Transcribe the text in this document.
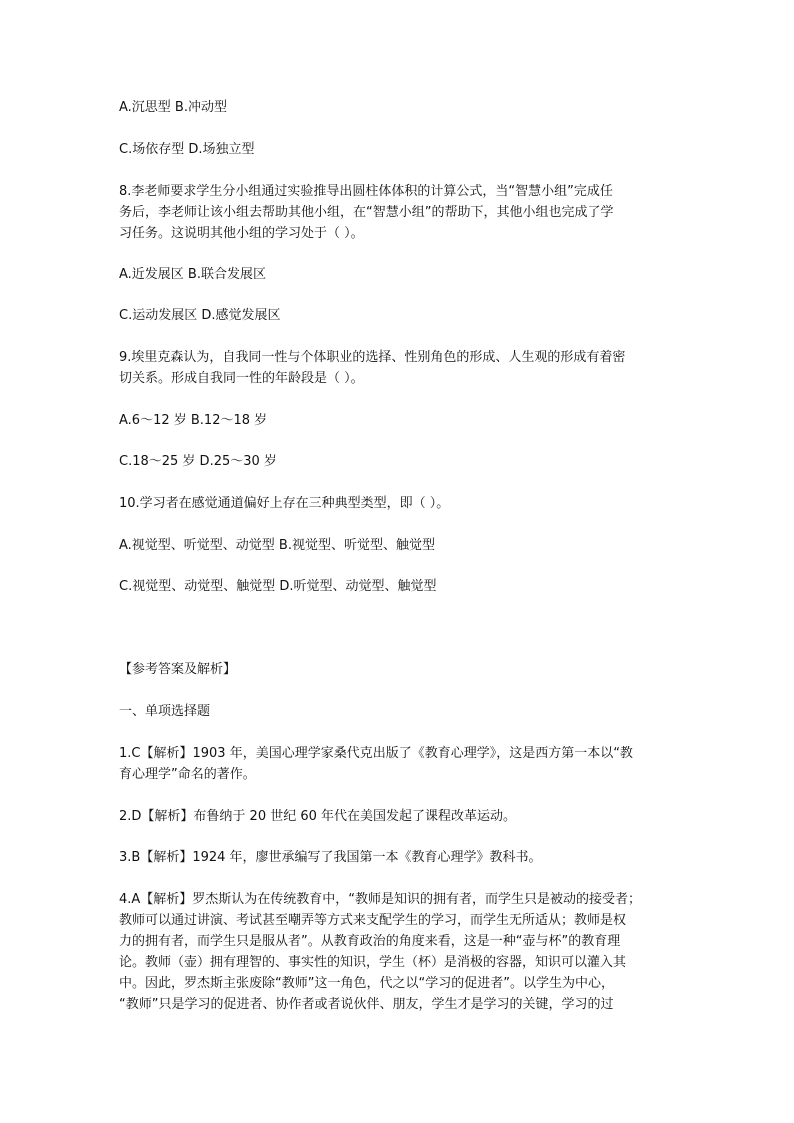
A.沉思型 B.冲动型
C.场依存型 D.场独立型
8.李老师要求学生分小组通过实验推导出圆柱体体积的计算公式，当“智慧小组”完成任
务后，李老师让该小组去帮助其他小组，在“智慧小组”的帮助下，其他小组也完成了学
习任务。这说明其他小组的学习处于（ ）。
A.近发展区 B.联合发展区
C.运动发展区 D.感觉发展区
9.埃里克森认为，自我同一性与个体职业的选择、性别角色的形成、人生观的形成有着密
切关系。形成自我同一性的年龄段是（ ）。
A.6～12 岁 B.12～18 岁
C.18～25 岁 D.25～30 岁
10.学习者在感觉通道偏好上存在三种典型类型，即（ ）。
A.视觉型、听觉型、动觉型 B.视觉型、听觉型、触觉型
C.视觉型、动觉型、触觉型 D.听觉型、动觉型、触觉型
【参考答案及解析】
一、单项选择题
1.C【解析】1903 年，美国心理学家桑代克出版了《教育心理学》，这是西方第一本以“教
育心理学”命名的著作。
2.D【解析】布鲁纳于 20 世纪 60 年代在美国发起了课程改革运动。
3.B【解析】1924 年，廖世承编写了我国第一本《教育心理学》教科书。
4.A【解析】罗杰斯认为在传统教育中，“教师是知识的拥有者，而学生只是被动的接受者；
教师可以通过讲演、考试甚至嘲弄等方式来支配学生的学习，而学生无所适从；教师是权
力的拥有者，而学生只是服从者”。从教育政治的角度来看，这是一种“壶与杯”的教育理
论。教师（壶）拥有理智的、事实性的知识，学生（杯）是消极的容器，知识可以灌入其
中。因此，罗杰斯主张废除“教师”这一角色，代之以“学习的促进者”。以学生为中心，
“教师”只是学习的促进者、协作者或者说伙伴、朋友，学生才是学习的关键，学习的过
